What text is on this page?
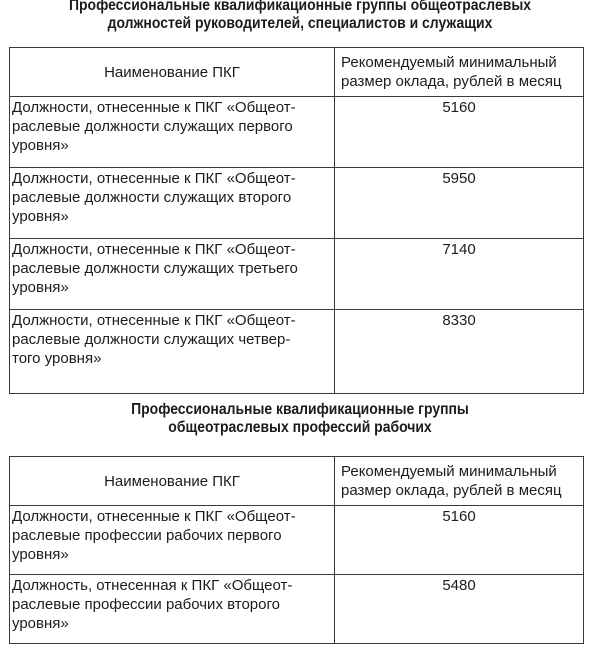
Профессиональные квалификационные группы общеотраслевых
должностей руководителей, специалистов и служащих
Наименование ПКГ	Рекомендуемый минимальный
размер оклада, рублей в месяц

Должности, отнесенные к ПКГ «Общеот-
раслевые должности служащих первого
уровня»	5160

Должности, отнесенные к ПКГ «Общеот-
раслевые должности служащих второго
уровня»	5950

Должности, отнесенные к ПКГ «Общеот-
раслевые должности служащих третьего
уровня»	7140

Должности, отнесенные к ПКГ «Общеот-
раслевые должности служащих четвер-
того уровня»	8330
Профессиональные квалификационные группы
общеотраслевых профессий рабочих
Наименование ПКГ	Рекомендуемый минимальный
размер оклада, рублей в месяц

Должности, отнесенные к ПКГ «Общеот-
раслевые профессии рабочих первого
уровня»	5160

Должность, отнесенная к ПКГ «Общеот-
раслевые профессии рабочих второго
уровня»	5480
